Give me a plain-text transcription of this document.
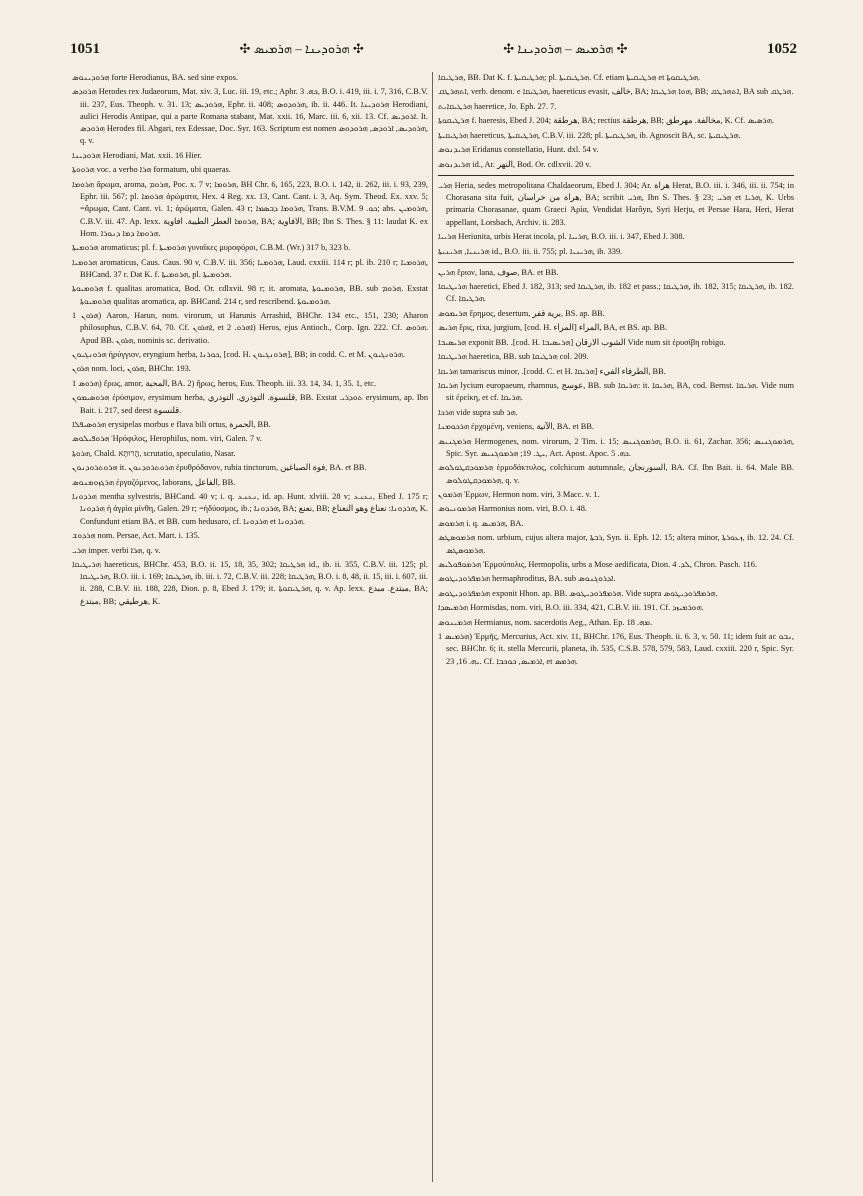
1051	✣ ܗܪܘܕܝܢܐ – ܗܪܡܝܣ ✣	✣ ܗܪܡܝܣ – ܗܪܘܕܝܢܐ ✣	1052

ܗܪܘܕܝܢܘܣ forte Herodianus, BA. sed sine expos.

ܗܪܘܕܣ Herodes rex Judaeorum, Mat. xiv. 3, Luc. iii. 19, etc.; Aphr. ܟܗ. 3, B.O. i. 419, iii. i. 7, 316, C.B.V. iii. 237, Eus. Theoph. v. 31. 13; ܗܪܘܕܝܣ, Ephr. ii. 408; ܗܪܘܕܘܣ, ib. ii. 446. It. ܗܪܘܕܝܢܐ Herodiani, aulici Herodis Antipae, qui a parte Romana stabant, Mat. xxii. 16, Marc. iii. 6, xii. 13. Cf. ܐܪܘܕܝܣ. It. ܗܪܘܕܣ Herodes fil. Abgari, rex Edessae, Doc. Syr. 163. Scriptum est nomen ܗܪܘܕܝܣ, ܐܪܘܕܣ, ܗܪܘܕܘܣ, q. v.

ܗܪܘܕܝܢܐ Herodiani, Mat. xxii. 16 Hier.

ܗܪܘܘܬܐ voc. a verbo ܗܪܐ formatum, ubi quaeras.

ܗܪܘܡܐ ἄρωμα, aroma, ܗܪܘܡ, Poc. x. 7 v; ܗܪܘܡܐ, BH Chr. 6, 165, 223, B.O. i. 142, ii. 262, iii. i. 93, 239, Ephr. iii. 567; pl. ܗܪܘܡܐ ἀρώματα, Hex. 4 Reg. xx. 13, Cant. Cant. i. 3, Aq. Sym. Theod. Ex. xxv. 5; =ἄρωμα, Cant. Cant. vi. 1; ἀρώματα, Galen. 43 r; ܗܪܘܡܐ ܕܒܣܡܐ, Trans. B.V.M. ܟܘ. 9; abs. ܗܪܘܡܝܢ, C.B.V. iii. 47. Ap. lexx. ܗܪܘܡܐ العطر الطيبة. افاوية, BA; الافاوية, BB; Ibn S. Thes. § 11: laudat K. ex Hom. ܗܪܘܡܐ ܕܡܐ ܕܢܘܪܐ.

ܗܪܘܡܝܬܐ aromaticus; pl. f. ܗܪܘܡܝܬܐ γυναῖκες μυροφόροι, C.B.M. (Wr.) 317 b, 323 b.

ܗܪܘܡܝܐ aromaticus, Caus. Caus. 90 v, C.B.V. iii. 356; ܗܪܘܡܝܐ, Laud. cxxiii. 114 r; pl. ib. 210 r; ܗܪܘܡܝܐ, BHCand. 37 r. Dat K. f. ܗܪܘܡܝܬܐ, pl. ܗܪܘܡܝܬܐ.

ܗܪܘܡܝܘܬܐ f. qualitas aromatica, Bod. Or. cdlxvii. 98 r; it. aromata, ܗܪܘܡܝܘܬܐ, BB. sub ܗܪܘܡ. Exstat ܗܪܘܡܝܘܬܐ qualitas aromatica, ap. BHCand. 214 r, sed rescribend. ܗܪܘܡܝܘܬܐ.

ܗܪܘܢ 1) Aaron, Harun, nom. virorum, ut Harunis Arrashid, BHChr. 134 etc., 151, 230; Aharon philosophus, C.B.V. 64, 70. Cf. ܐܗܪܘܢ, et ܐܗܪܘ. 2) Heros, ejus Antioch., Corp. Ign. 222. Cf. ܗܪܘܣ. Apud BB. ܗܪܘܢ, nominis sc. derivatio.

ܗܪܘܢܓܝܘܢ ἠρύγγιον, eryngium herba, ܟܘܪܢܐ, [cod. H. ܗܪܘܢܓܝܘܢ], BB; in codd. C. et M. ܗܪܘܢܓܝܘܢ.

ܗܪܘܢ nom. loci, ܗܪܘܢ, BHChr. 193.

ܗܪܘܣ 1) ἔρως, amor, المحبة, BA. 2) ἥρως, heros, Eus. Theoph. iii. 33. 14, 34. 1, 35. 1, etc.

ܗܪܘܣܝܡܘܢ ἐρύσιμον, erysimum herba, قلنسوة. التوذري. التودري, BB. Exstat ܬܘܕܪܝ erysimum, ap. Ibn Bait. i. 217, sed deest قلنسوة.

ܗܪܘܣܝܦܠܐ erysipelas morbus e flava bili ortus, الحمرة, BB.

ܗܪܘܦܝܠܘܣ Ἡρόφιλος, Herophilus, nom. viri, Galen. 7 v.

ܗܪܘܬܐ, Chald. הֲרוּתָא, scrutatio, speculatio, Nasar.

ܗܪܘܬܪܘܕܢܘܢ it. ܗܪܘܬܪܘܕܢܘܢ ἐρυθρόδανον, rubia tinctorum, فوة الصباغين, BA. et BB.

ܗܪܓܙܘܡܢܘܣ ἐργαζόμενος, laborans, الفاعل, BB.

ܗܪܕܘܢܐ mentha sylvestris, BHCand. 40 v; i. q. ܢܥܢܥ, id. ap. Hunt. xlviii. 28 v; ܢܥܢܥ, Ebed J. 175 r; ܗܪܕܘܢܐ ἡ ἀγρία μίνθη, Galen. 29 r; =ἡδύοσμος, ib.; ܗܪܕܘܢܐ, BA; نعنع, BB; ܗܪܕܘܢܐ: نعناع وهو النعناع, K. Confundunt etiam BA. et BB. cum hedusaro, cf. ܗܪܕܘܢܐ et ܗܪܕܘܢܐ.

ܗܪܕܘܫ nom. Persae, Act. Mart. i. 135.

ܗܪܝ imper. verbi ܗܪܐ, q. v.

ܗܪܝܛܝܩܐ haereticus, BHChr. 453, B.O. ii. 15, 18, 35, 302; ܗܪܛܝܩܐ id., ib. ii. 355, C.B.V. iii. 125; pl. ܗܪܝܛܝܩܐ, B.O. iii. i. 169; ܗܪܛܝܩܐ, ib. iii. i. 72, C.B.V. iii. 228; ܗܪܛܝܩܐ, B.O. i. 8, 48, ii. 15, iii. i. 607, iii. ii. 288, C.B.V. iii. 188, 228, Dion. p. 8, Ebed J. 179; it. ܗܪܛܝܩܘܬܐ, q. v. Ap. lexx. مبتدع. مبدع, BA; مبتدع, BB; هرطيقي, K.

ܗܪܛܝܩܐ, BB. Dat K. f. ܗܪܛܝܩܝܬܐ; pl. ܗܪܛܝܩܝܬܐ. Cf. etiam ܗܪܛܝܩܝܬܐ et ܗܪܛܝܩܘܬܐ.

ܐܬܗܪܛܩ, verb. denom. e ܗܪܛܝܩܐ, haereticus evasit, خالف, BA; ܗܘܐ ܗܪܛܝܩܐ, BB; ܐܬܗܪܛܩ, BA sub ܗܪܛܩ.

ܗܪܛܝܩܐܝܬ haeretice, Jo. Eph. 27. 7.

ܗܪܛܝܩܘܬܐ f. haeresis, Ebed J. 204; هرطقة, BA; rectius هرطقة, BB; مخالفة. مهرطق, K. Cf. ܗܪܣܝܣ.

ܗܪܛܝܩܝܬܐ haereticus, ܗܪܛܝܩܝܬܐ, C.B.V. iii. 228; pl. ܗܪܛܝܩܝܬܐ, ib. Agnoscit BA, sc. ܗܪܛܝܩܝܬܐ.

ܗܪܝܕܢܘܣ Eridanus constellatio, Hunt. dxl. 54 v.

ܗܪܝܕܢܘܣ id., Ar. النهر, Bod. Or. cdlxvii. 20 v.

ܗܪܝ Heria, sedes metropolitana Chaldaeorum, Ebed J. 304; Ar. هراة Herat, B.O. iii. i. 346, iii. ii. 754; in Chorasana sita fuit, هراة من خراسان, BA; scribit ܗܪܝ, Ibn S. Thes. § 23; ܗܪܝ et ܗܪܝܐ, K. Urbs primaria Chorasanae, quam Graeci Ἀρία, Vendidat Harôyn, Syri Herju, et Persae Hara, Heri, Herat appellant, Lorsbach, Archiv. ii. 283.

ܗܪܝܝܐ Heriunita, urbis Herat incola, pl. ܗܪܝܝܐ, B.O. iii. i. 347, Ebed J. 308.

ܗܪܝܢܝܐ, ܗܪܝܢܝܬܐ id., B.O. iii. ii. 755; pl. ܗܪܝܢܝܐ, ib. 339.

ܗܪܝܢ ἔριον, lana, صوف, BA. et BB.

ܗܪܝܛܝܩܐ haeretici, Ebed J. 182, 313; sed ܗܪܛܝܩܐ, ib. 182 et pass.; ܗܪܛܝܩܐ, ib. 182, 315; ܗܪܛܝܩܐ, ib. 182. Cf. ܗܪܛܝܩܐ.

ܗܪܝܡܘܣ ἔρημος, desertum, برية قفر, BS. ap. BB.

ܗܪܝܣ ἔρις, rixa, jurgium, [cod. H. المراء] المراء, BA, et BS. ap. BB.

ܗܪܝܣܝܒܐ exponit BB. .[cod. H. ܗܪܝܣܝܒܐ] الشوب الارقان Vide num sit ἐρυσίβη robigo.

ܗܪܝܛܝܩܐ haeretica, BB. sub ܗܪܛܝܩܐ col. 209.

ܗܪܝܩܐ tamariscus minor, .[codd. C. et H. ܗܪܝܩܐ] الطرفاء الفيء, BB.

ܗܪܝܩܐ lycium europaeum, rhamnus, عوسج, BB. sub ܗܪܝܩܐ: it. ܗܪܝܩܐ, BA, cod. Bernst. ܗܪܝܩܐ. Vide num sit ἐρείκη, et cf. ܗܪܝܩܐ.

ܗܪܟܐ vide supra sub ܗܪ.

ܗܪܟܘܡܢܐ ἐρχομένη, veniens, الآتية, BA. et BB.

ܗܪܡܓܢܝܣ Hermogenes, nom. virorum, 2 Tim. i. 15; ܗܪܡܘܓܢܝܣ, B.O. ii. 61, Zachar. 356; ܗܪܡܘܓܢܝܣ, Spic. Syr. ܝܛ. 19; ܗܪܡܘܓܢܝܣ, Act. Apost. Apoc. ܟܗ. 5.

ܗܪܡܘܕܩܛܘܠܘܣ ἑρμοδάκτυλος, colchicum autumnale, السورنجان, BA. Cf. Ibn Bait. ii. 64. Male BB. ܗܪܡܘܕܩܛܘܠܘܣ, q. v.

ܗܪܡܘܢ Ἑρμων, Hermon nom. viri, 3 Macc. v. 1.

ܗܪܡܘܢܝܘܣ Harmonius nom. viri, B.O. i. 48.

ܗܪܡܘܣ i. q. ܗܪܡܝܣ, BA.

ܗܪܡܘܣܛܣ nom. urbium, cujus altera major, ܪܒܬܐ, Syn. ii. Eph. 12. 15; altera minor, ܙܥܘܪܬܐ, ib. 12. 24. Cf. ܗܪܡܘܣܛܣ.

ܗܪܡܘܦܘܠܝܣ Ἑρμούπολις, Hermopolis, urbs a Mose aedificata, Dion. ܠܕ. 4, Chron. Pasch. 116.

ܗܪܡܦܪܘܕܝܛܘܣ hermaphroditus, BA. sub ܐܕܪܘܓܢܘܣ.

ܗܪܡܦܪܘܕܝܛܘܣ exponit Hhon. ap. BB. ܗܪܡܦܪܘܕܝܛܘܣ. Vide supra ܗܪܡܦܪܘܕܝܛܘܣ.

ܗܪܡܝܣܕܐ Hormisdas, nom. viri, B.O. iii. 334, 421, C.B.V. iii. 191. Cf. ܗܘܪܡܝܙܕ.

ܗܪܡܝܢܘܣ Hermianus, nom. sacerdotis Aeg., Athan. Ep. ܡܗ. 18.

ܗܪܡܝܣ 1) Ἑρμῆς, Mercurius, Act. xiv. 11, BHChr. 176, Eus. Theoph. ii. 6. 3, v. 50. 11; idem fuit ac ܢܒܘ, sec. BHChr. 6; it. stella Mercurii, planeta, ib. 535, C.S.B. 578, 579, 583, Laud. cxxiii. 220 r, Spic. Syr. ܝܗ. 16, 23. Cf. ܐܪܡܝܣ, ܟܘܟܒܐ, et ܗܪܡܣ.
